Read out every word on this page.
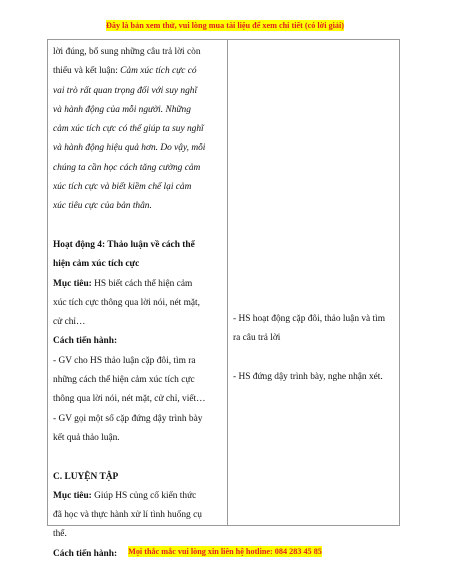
Đây là bản xem thử, vui lòng mua tài liệu để xem chi tiết (có lời giải)
lời đúng, bổ sung những câu trả lời còn
thiếu và kết luận: Cảm xúc tích cực có
vai trò rất quan trọng đối với suy nghĩ
và hành động của mỗi người. Những
cảm xúc tích cực có thể giúp ta suy nghĩ
và hành động hiệu quả hơn. Do vậy, mỗi
chúng ta cần học cách tăng cường cảm
xúc tích cực và biết kiềm chế lại cảm
xúc tiêu cực của bản thân.
Hoạt động 4: Thảo luận về cách thể
hiện cảm xúc tích cực
Mục tiêu: HS biết cách thể hiện cảm
xúc tích cực thông qua lời nói, nét mặt,
cử chỉ…
Cách tiến hành:
- GV cho HS thảo luận cặp đôi, tìm ra
những cách thể hiện cảm xúc tích cực
thông qua lời nói, nét mặt, cử chỉ, viết…
- GV gọi một số cặp đứng dậy trình bày
kết quả thảo luận.
C. LUYỆN TẬP
Mục tiêu: Giúp HS củng cố kiến thức
đã học và thực hành xử lí tình huống cụ
thể.
Cách tiến hành:
- HS hoạt động cặp đôi, thảo luận và tìm
ra câu trả lời
- HS đứng dậy trình bày, nghe nhận xét.
Mọi thắc mắc vui lòng xin liên hệ hotline: 084 283 45 85
